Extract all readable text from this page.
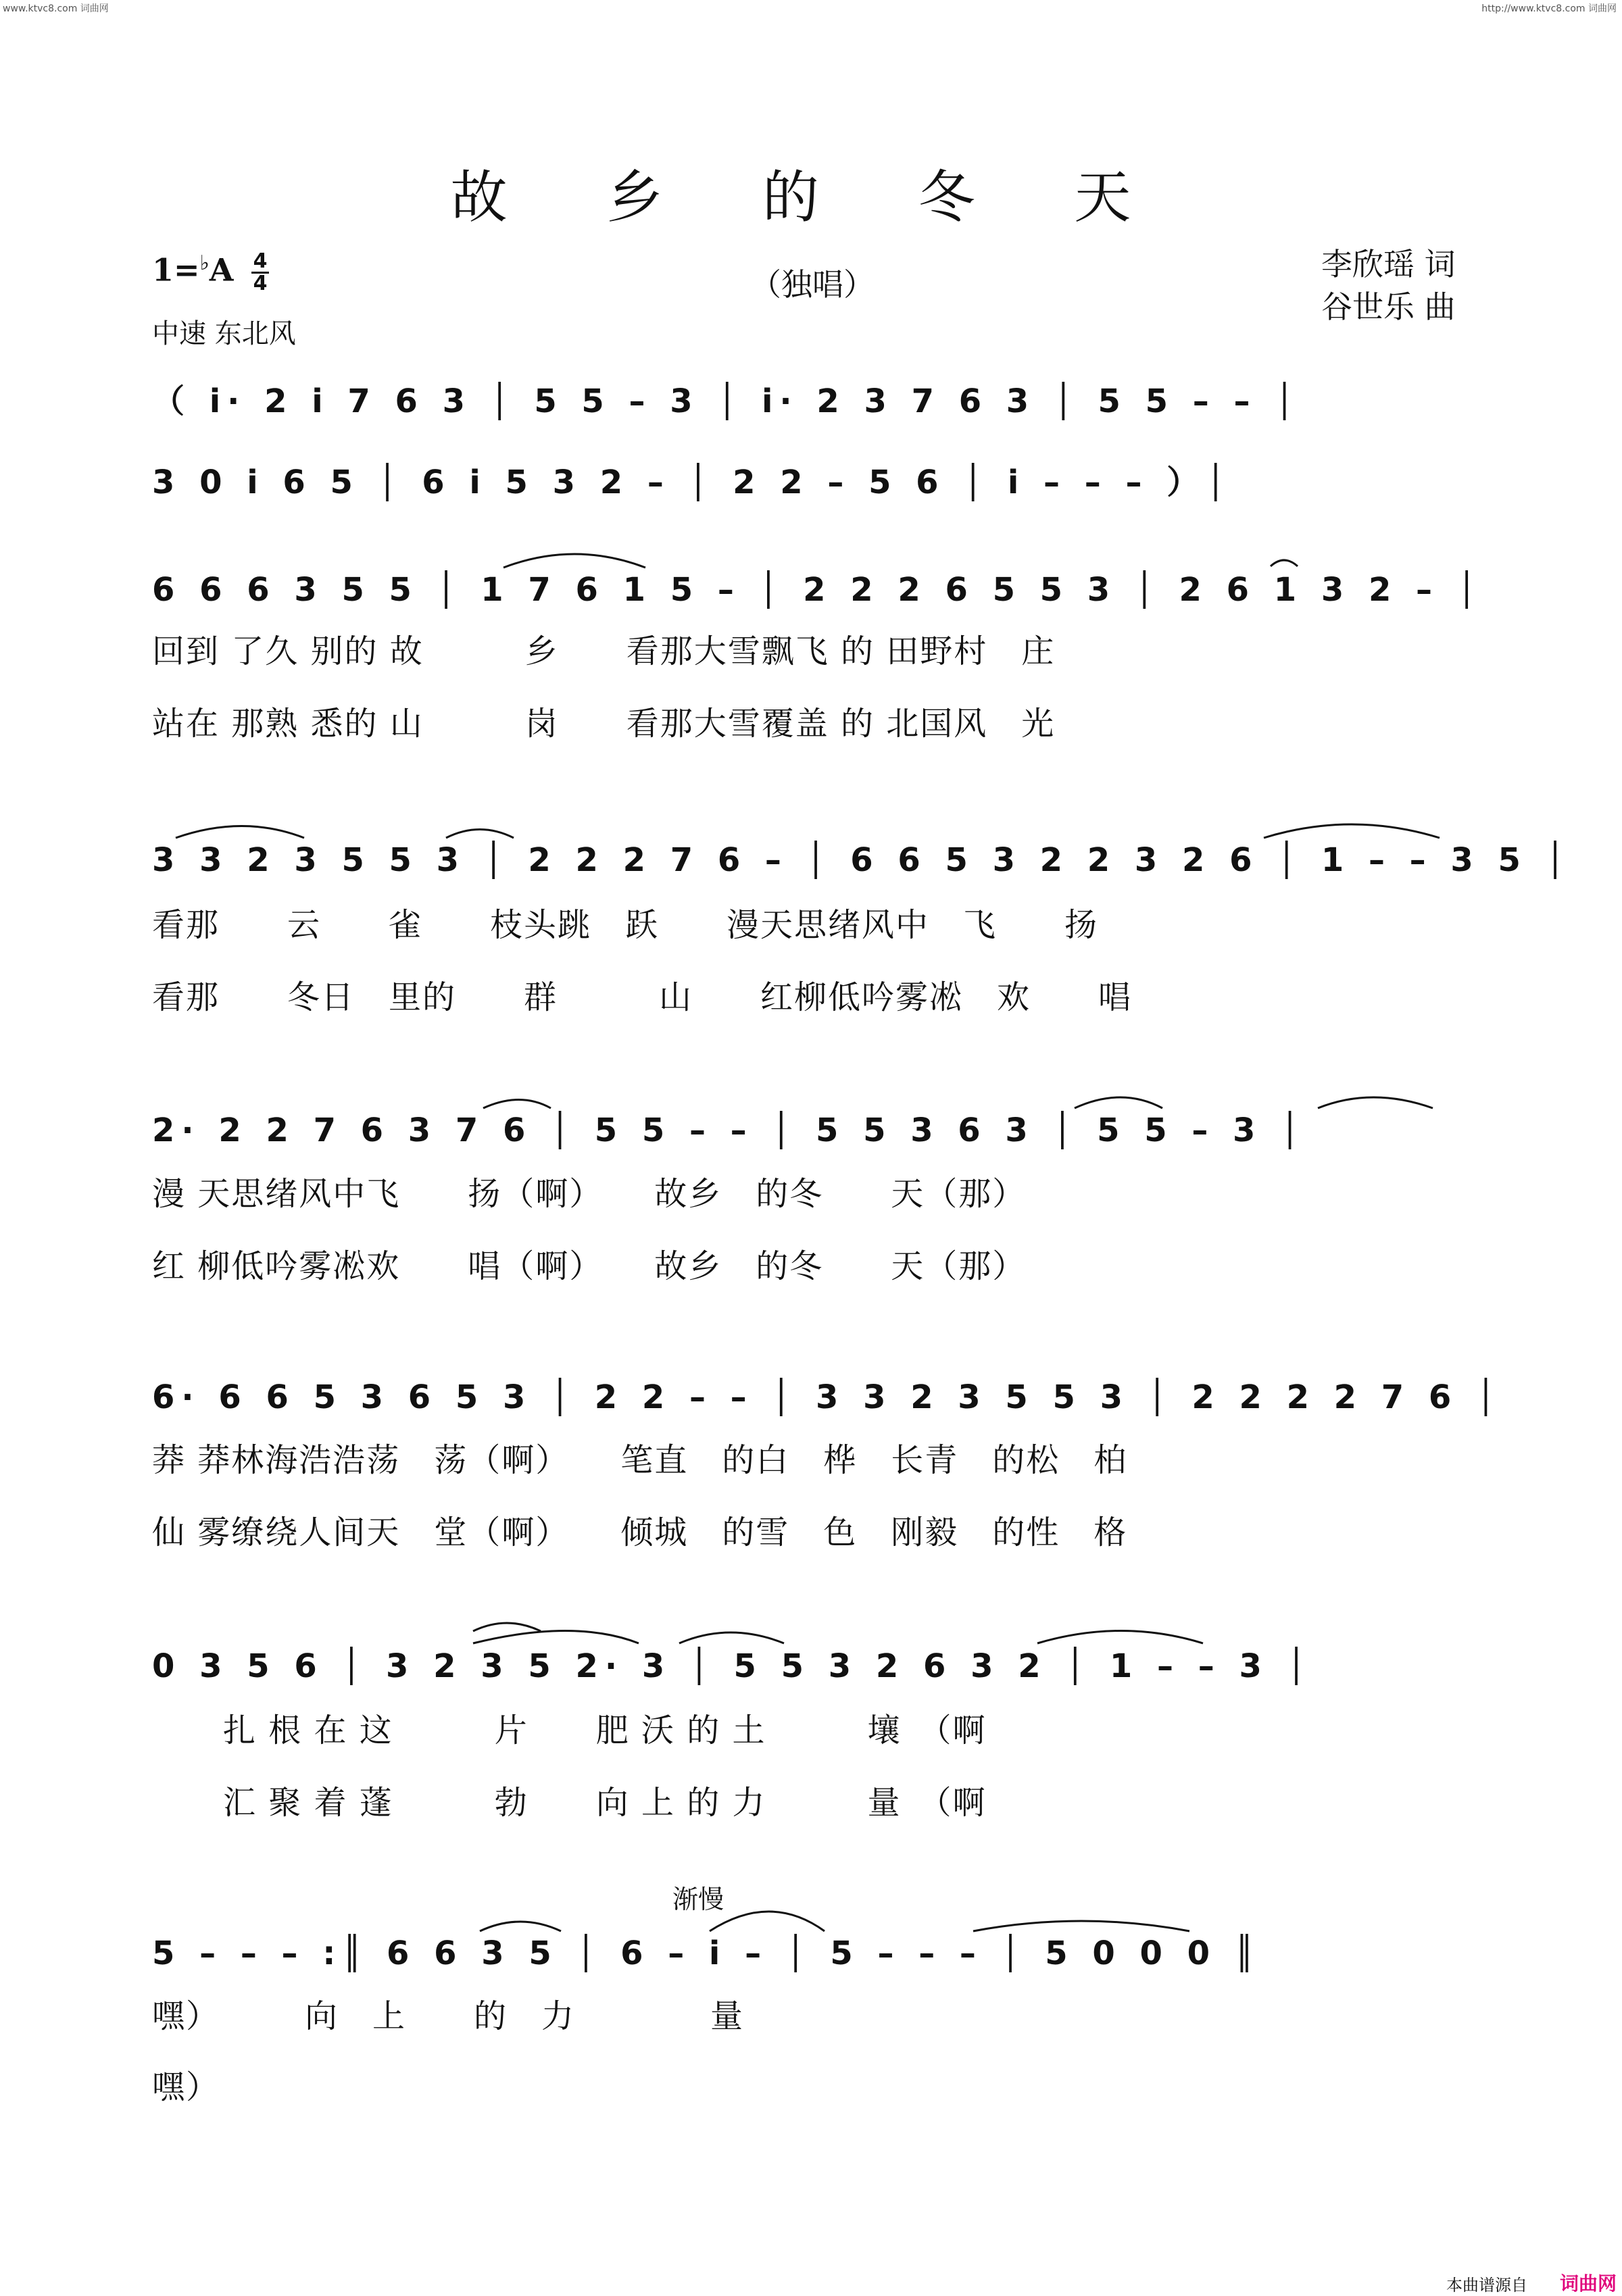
www.ktvc8.com 词曲网	http://www.ktvc8.com 词曲网
故 乡 的 冬 天
1=♭A 4
4
中速 东北风
（独唱）
李欣瑶 词
谷世乐 曲
（ i· 2 i 7 6 3 │ 5 5 – 3 │ i· 2 3 7 6 3 │ 5 5 – – │
3 0 i 6 5 │ 6 i 5 3 2 – │ 2 2 – 5 6 │ i – – – ）│
6 6 6 3 5 5 │ 1 7 6 1 5 – │ 2 2 2 6 5 5 3 │ 2 6 1 3 2 – │
回到 了久 别的 故　　　乡　　看那大雪飘飞 的 田野村　庄
站在 那熟 悉的 山　　　岗　　看那大雪覆盖 的 北国风　光
3 3 2 3 5 5 3 │ 2 2 2 7 6 – │ 6 6 5 3 2 2 3 2 6 │ 1 – – 3 5 │
看那　　云　　雀　　枝头跳　跃　　漫天思绪风中　飞　　扬
看那　　冬日　里的　　群　　　山　　红柳低吟雾凇　欢　　唱
2· 2 2 7 6 3 7 6 │ 5 5 – – │ 5 5 3 6 3 │ 5 5 – 3 │
漫 天思绪风中飞　　扬（啊）　　故乡　的冬　　天（那）
红 柳低吟雾凇欢　　唱（啊）　　故乡　的冬　　天（那）
6· 6 6 5 3 6 5 3 │ 2 2 – – │ 3 3 2 3 5 5 3 │ 2 2 2 2 7 6 │
莽 莽林海浩浩荡　荡（啊）　　笔直　的白　桦　长青　的松　柏
仙 雾缭绕人间天　堂（啊）　　倾城　的雪　色　刚毅　的性　格
0 3 5 6 │ 3 2 3 5 2· 3 │ 5 5 3 2 6 3 2 │ 1 – – 3 │
扎 根 在 这　　　片　　肥 沃 的 土　　　壤　（啊
汇 聚 着 蓬　　　勃　　向 上 的 力　　　量　（啊
渐慢
5 – – – :║ 6 6 3 5 │ 6 – i – │ 5 – – – │ 5 0 0 0 ║
嘿）　　　向　上　　的　力　　　　量
嘿）
本曲谱源自 词曲网
